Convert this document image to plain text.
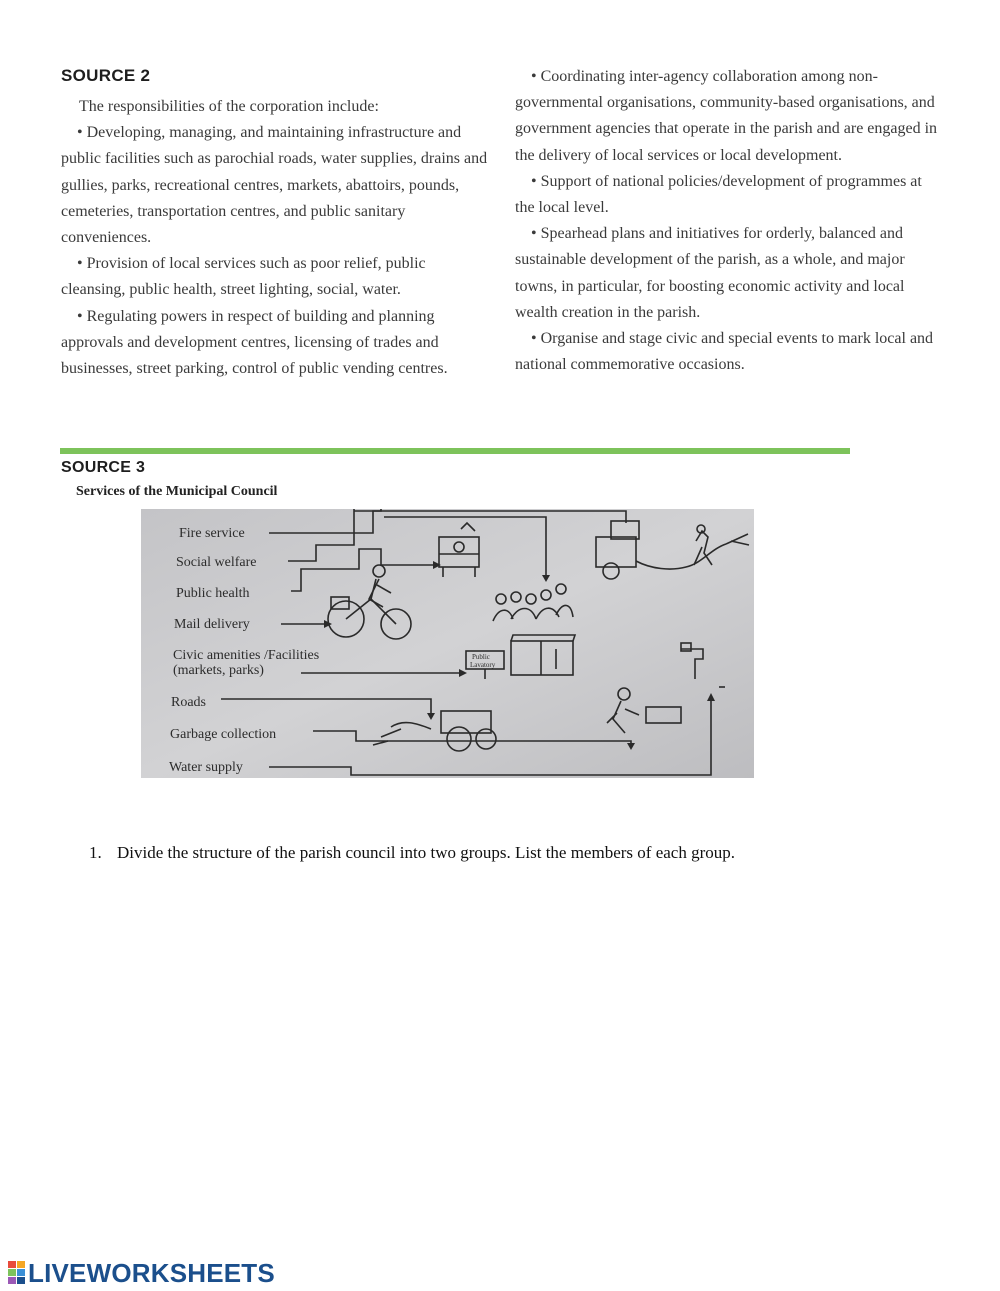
SOURCE 2

The responsibilities of the corporation include:

• Developing, managing, and maintaining infrastructure and public facilities such as parochial roads, water supplies, drains and gullies, parks, recreational centres, markets, abattoirs, pounds, cemeteries, transportation centres, and public sanitary conveniences.

• Provision of local services such as poor relief, public cleansing, public health, street lighting, social, water.

• Regulating powers in respect of building and planning approvals and development centres, licensing of trades and businesses, street parking, control of public vending centres.

• Coordinating inter-agency collaboration among non-governmental organisations, community-based organisations, and government agencies that operate in the parish and are engaged in the delivery of local services or local development.

• Support of national policies/development of programmes at the local level.

• Spearhead plans and initiatives for orderly, balanced and sustainable development of the parish, as a whole, and major towns, in particular, for boosting economic activity and local wealth creation in the parish.

• Organise and stage civic and special events to mark local and national commemorative occasions.

SOURCE 3
Services of the Municipal Council
Fire service
Social welfare
Public health
Mail delivery
Civic amenities /Facilities
(markets, parks)
Roads
Garbage collection
Water supply
Public
Lavatory
1. Divide the structure of the parish council into two groups. List the members of each group.
LIVEWORKSHEETS
